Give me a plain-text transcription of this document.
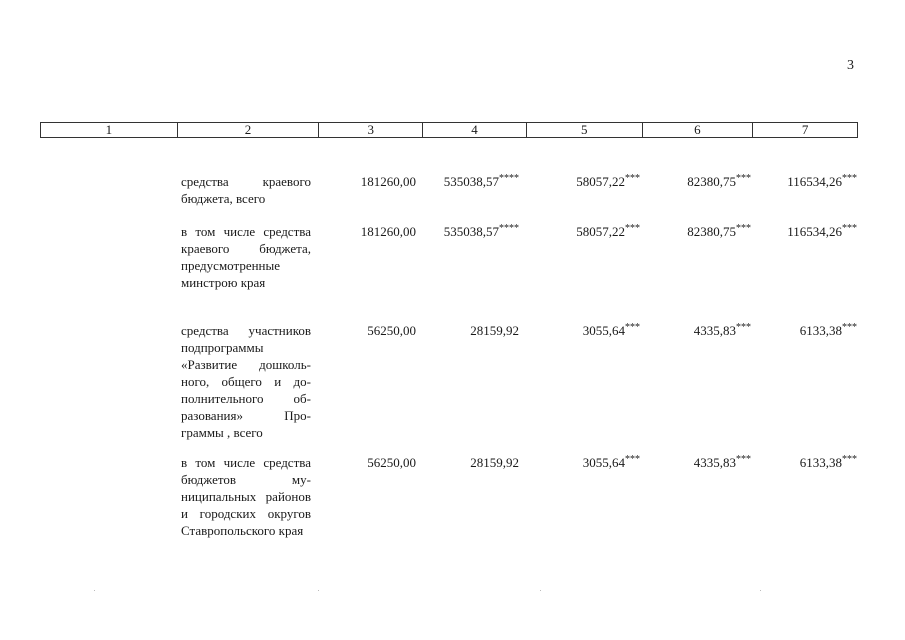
3
1	2	3	4	5	6	7
средства краевого бюджета, всего
181260,00 535038,57****	58057,22***	82380,75***	116534,26***
в том числе средства краевого бюджета, предусмотренные минстрою края
181260,00 535038,57****	58057,22***	82380,75***	116534,26***
средства участников подпрограммы «Развитие дошкольного, общего и дополнительного образования» Программы , всего
56250,00	28159,92	3055,64***	4335,83***	6133,38***
в том числе средства бюджетов муниципальных районов и городских округов Ставропольского края
56250,00	28159,92	3055,64***	4335,83***	6133,38***
